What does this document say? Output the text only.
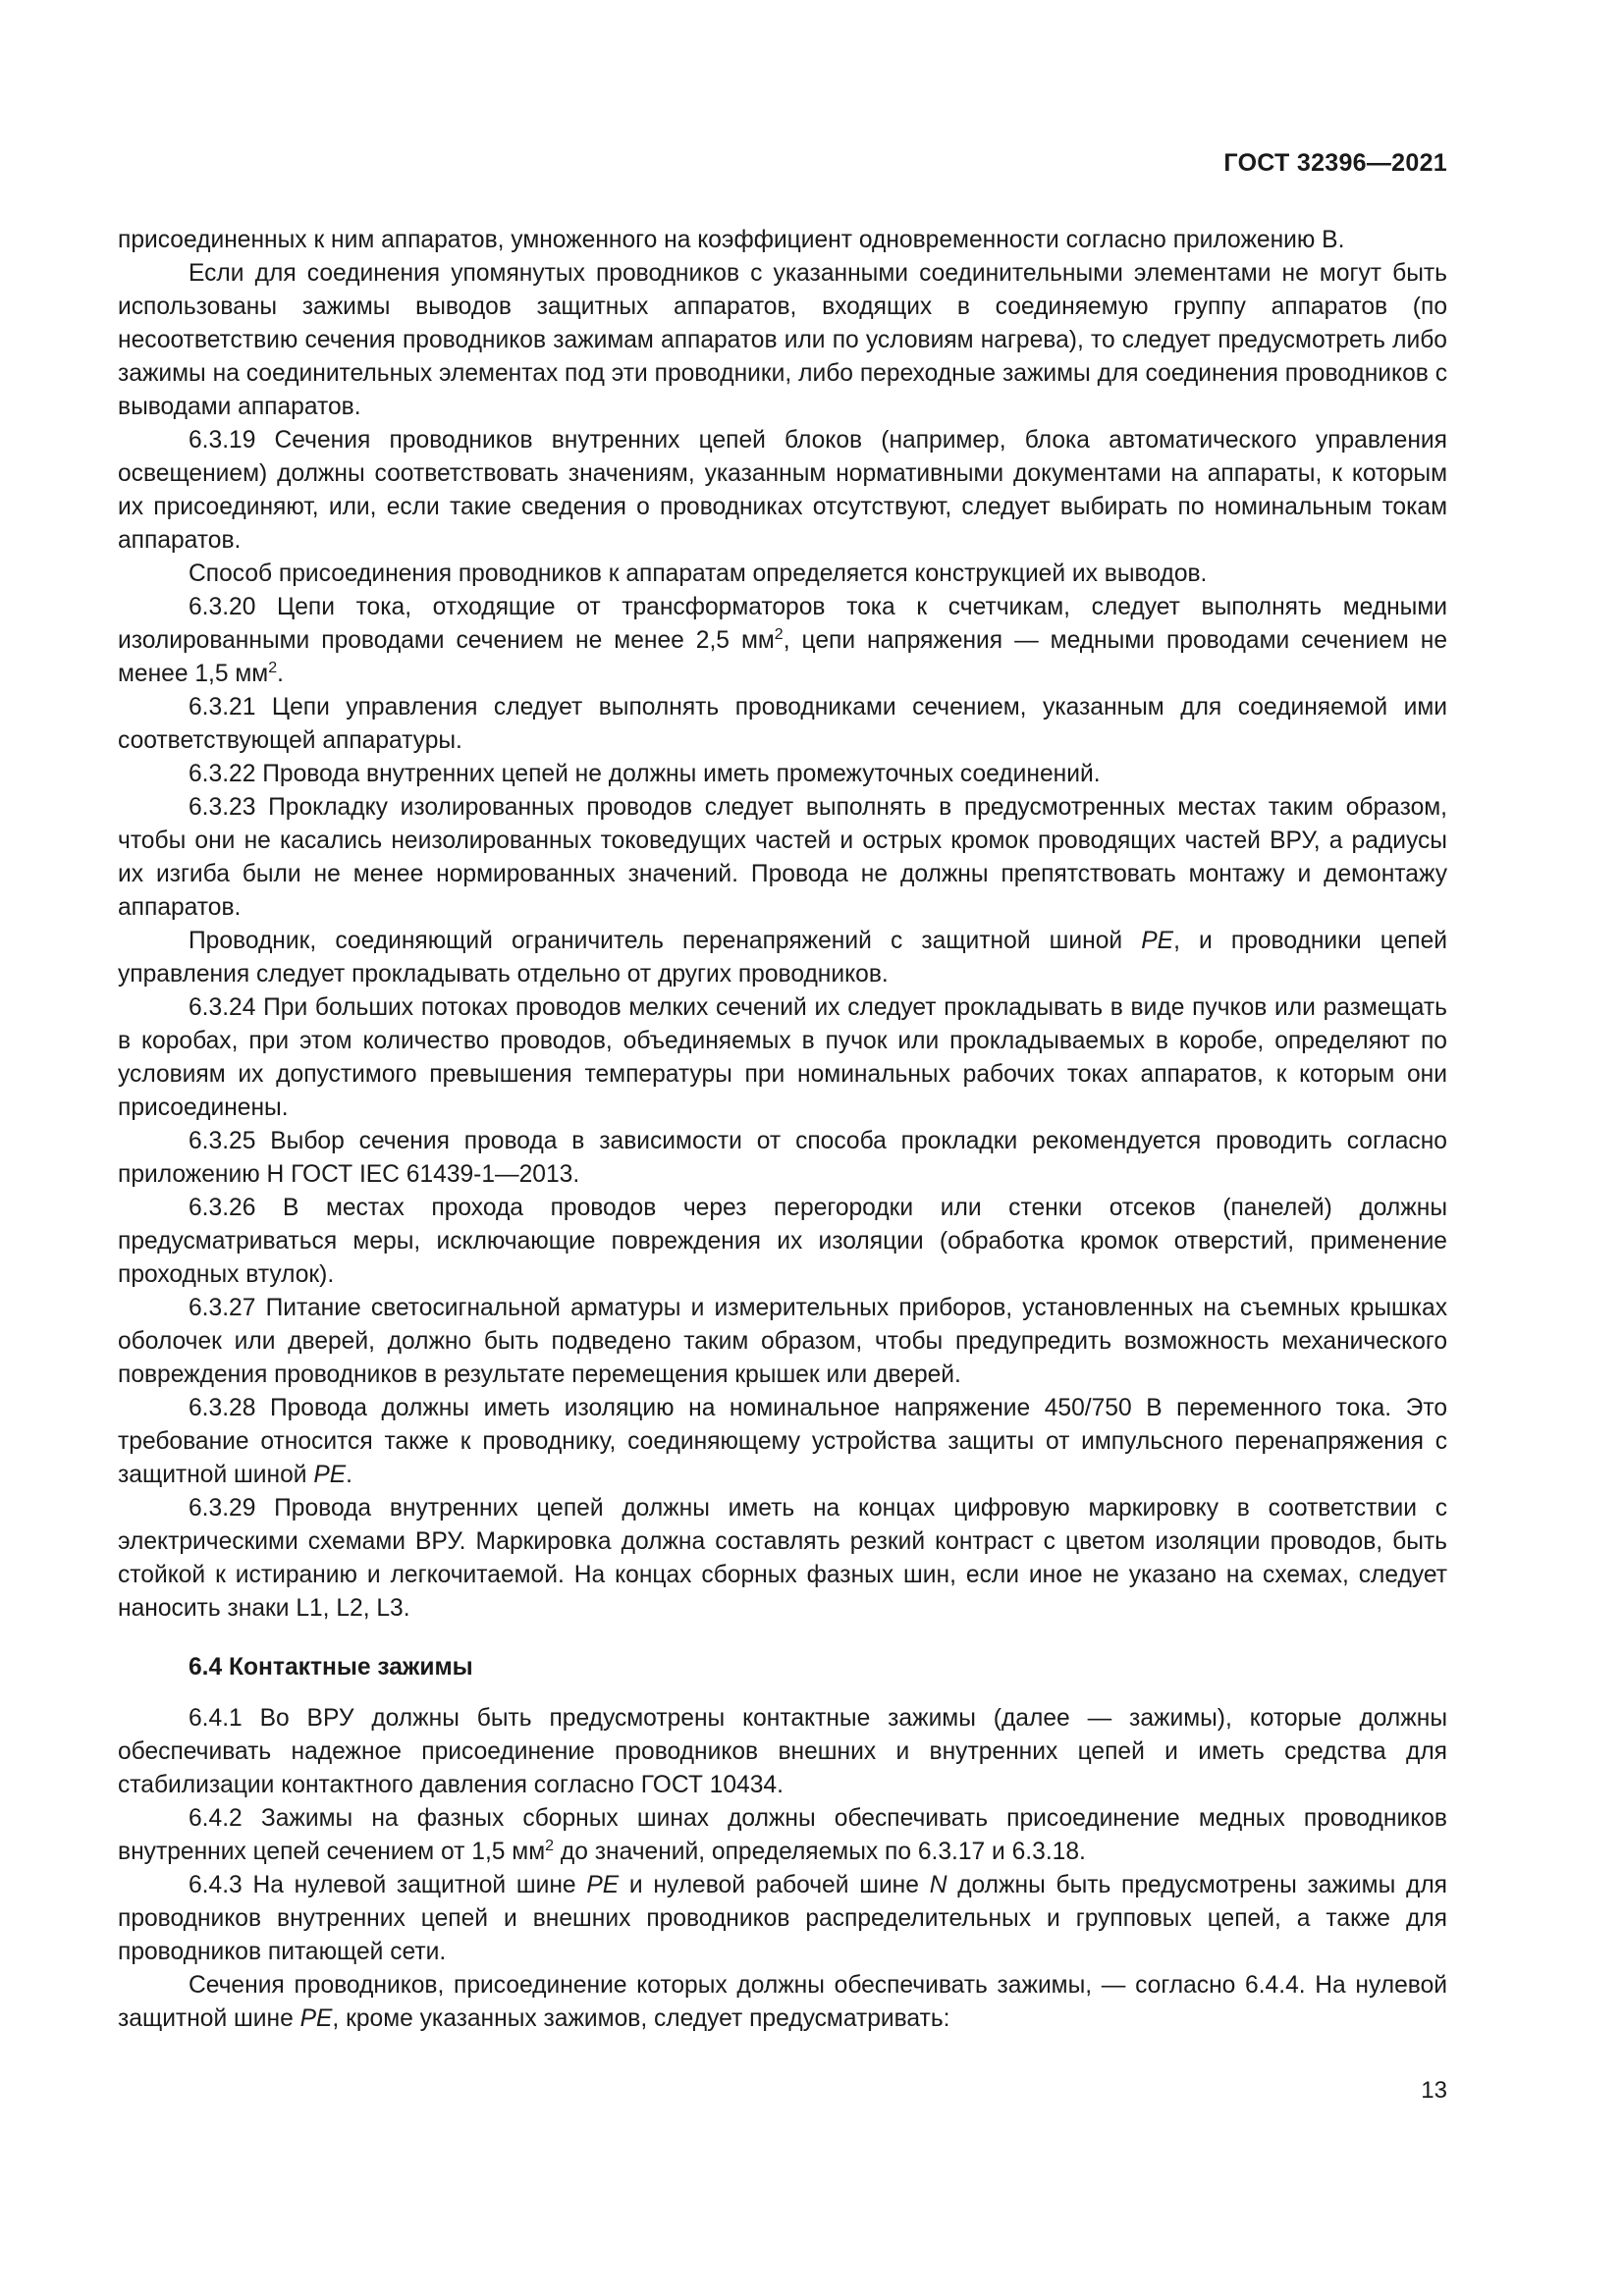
ГОСТ 32396—2021

присоединенных к ним аппаратов, умноженного на коэффициент одновременности согласно приложению В.

Если для соединения упомянутых проводников с указанными соединительными элементами не могут быть использованы зажимы выводов защитных аппаратов, входящих в соединяемую группу аппаратов (по несоответствию сечения проводников зажимам аппаратов или по условиям нагрева), то следует предусмотреть либо зажимы на соединительных элементах под эти проводники, либо переходные зажимы для соединения проводников с выводами аппаратов.

6.3.19 Сечения проводников внутренних цепей блоков (например, блока автоматического управления освещением) должны соответствовать значениям, указанным нормативными документами на аппараты, к которым их присоединяют, или, если такие сведения о проводниках отсутствуют, следует выбирать по номинальным токам аппаратов.

Способ присоединения проводников к аппаратам определяется конструкцией их выводов.

6.3.20 Цепи тока, отходящие от трансформаторов тока к счетчикам, следует выполнять медными изолированными проводами сечением не менее 2,5 $мм^2$, цепи напряжения — медными проводами сечением не менее 1,5 $мм^2$.

6.3.21 Цепи управления следует выполнять проводниками сечением, указанным для соединяемой ими соответствующей аппаратуры.

6.3.22 Провода внутренних цепей не должны иметь промежуточных соединений.

6.3.23 Прокладку изолированных проводов следует выполнять в предусмотренных местах таким образом, чтобы они не касались неизолированных токоведущих частей и острых кромок проводящих частей ВРУ, а радиусы их изгиба были не менее нормированных значений. Провода не должны препятствовать монтажу и демонтажу аппаратов.

Проводник, соединяющий ограничитель перенапряжений с защитной шиной PE, и проводники цепей управления следует прокладывать отдельно от других проводников.

6.3.24 При больших потоках проводов мелких сечений их следует прокладывать в виде пучков или размещать в коробах, при этом количество проводов, объединяемых в пучок или прокладываемых в коробе, определяют по условиям их допустимого превышения температуры при номинальных рабочих токах аппаратов, к которым они присоединены.

6.3.25 Выбор сечения провода в зависимости от способа прокладки рекомендуется проводить согласно приложению Н ГОСТ IEC 61439-1—2013.

6.3.26 В местах прохода проводов через перегородки или стенки отсеков (панелей) должны предусматриваться меры, исключающие повреждения их изоляции (обработка кромок отверстий, применение проходных втулок).

6.3.27 Питание светосигнальной арматуры и измерительных приборов, установленных на съемных крышках оболочек или дверей, должно быть подведено таким образом, чтобы предупредить возможность механического повреждения проводников в результате перемещения крышек или дверей.

6.3.28 Провода должны иметь изоляцию на номинальное напряжение 450/750 В переменного тока. Это требование относится также к проводнику, соединяющему устройства защиты от импульсного перенапряжения с защитной шиной PE.

6.3.29 Провода внутренних цепей должны иметь на концах цифровую маркировку в соответствии с электрическими схемами ВРУ. Маркировка должна составлять резкий контраст с цветом изоляции проводов, быть стойкой к истиранию и легкочитаемой. На концах сборных фазных шин, если иное не указано на схемах, следует наносить знаки L1, L2, L3.

6.4 Контактные зажимы

6.4.1 Во ВРУ должны быть предусмотрены контактные зажимы (далее — зажимы), которые должны обеспечивать надежное присоединение проводников внешних и внутренних цепей и иметь средства для стабилизации контактного давления согласно ГОСТ 10434.

6.4.2 Зажимы на фазных сборных шинах должны обеспечивать присоединение медных проводников внутренних цепей сечением от 1,5 $мм^2$ до значений, определяемых по 6.3.17 и 6.3.18.

6.4.3 На нулевой защитной шине PE и нулевой рабочей шине N должны быть предусмотрены зажимы для проводников внутренних цепей и внешних проводников распределительных и групповых цепей, а также для проводников питающей сети.

Сечения проводников, присоединение которых должны обеспечивать зажимы, — согласно 6.4.4. На нулевой защитной шине PE, кроме указанных зажимов, следует предусматривать:

13
